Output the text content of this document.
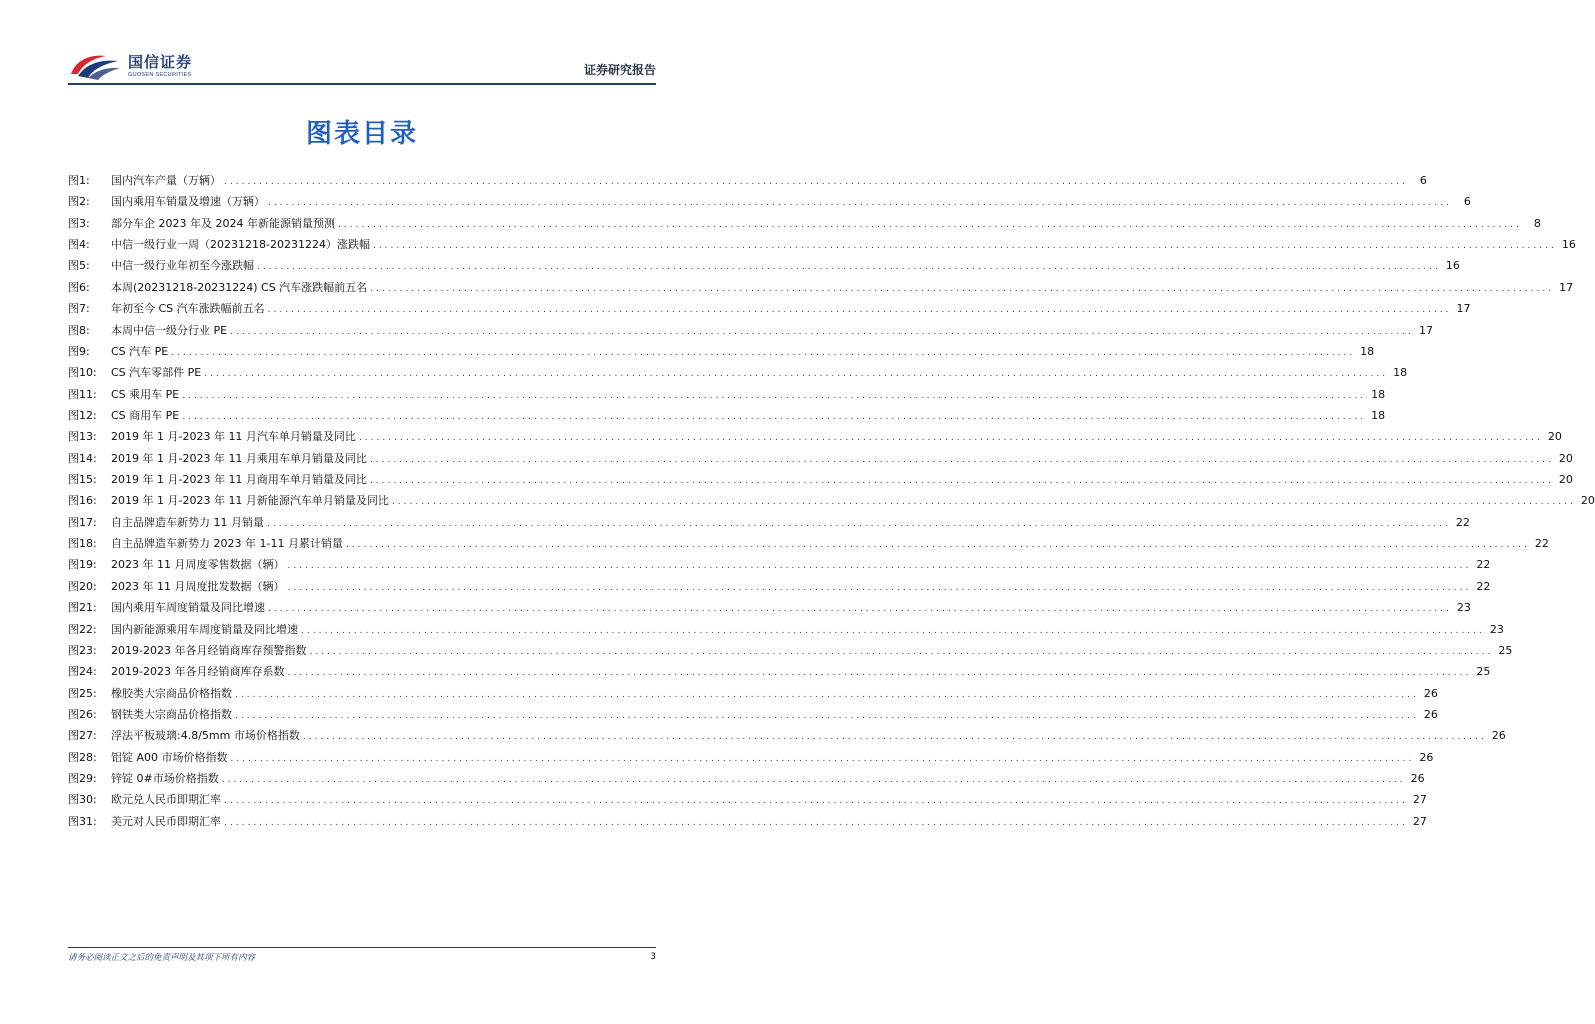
国信证券
GUOSEN SECURITIES	证券研究报告
图表目录
图1:	国内汽车产量（万辆） ..........................................................................................................................................................................................................	6
图2:	国内乘用车销量及增速（万辆） ..........................................................................................................................................................................................................	6
图3:	部分车企 2023 年及 2024 年新能源销量预测 ..........................................................................................................................................................................................................	8
图4:	中信一级行业一周（20231218-20231224）涨跌幅 .......................................................................................................................................................................................................... 16
图5:	中信一级行业年初至今涨跌幅 .......................................................................................................................................................................................................... 16
图6:	本周(20231218-20231224) CS 汽车涨跌幅前五名 .......................................................................................................................................................................................................... 17
图7:	年初至今 CS 汽车涨跌幅前五名 .......................................................................................................................................................................................................... 17
图8:	本周中信一级分行业 PE .......................................................................................................................................................................................................... 17
图9:	CS 汽车 PE .......................................................................................................................................................................................................... 18
图10:	CS 汽车零部件 PE .......................................................................................................................................................................................................... 18
图11:	CS 乘用车 PE .......................................................................................................................................................................................................... 18
图12:	CS 商用车 PE .......................................................................................................................................................................................................... 18
图13:	2019 年 1 月-2023 年 11 月汽车单月销量及同比 .......................................................................................................................................................................................................... 20
图14:	2019 年 1 月-2023 年 11 月乘用车单月销量及同比 .......................................................................................................................................................................................................... 20
图15:	2019 年 1 月-2023 年 11 月商用车单月销量及同比 .......................................................................................................................................................................................................... 20
图16:	2019 年 1 月-2023 年 11 月新能源汽车单月销量及同比 .......................................................................................................................................................................................................... 20
图17:	自主品牌造车新势力 11 月销量 .......................................................................................................................................................................................................... 22
图18:	自主品牌造车新势力 2023 年 1-11 月累计销量 .......................................................................................................................................................................................................... 22
图19:	2023 年 11 月周度零售数据（辆） .......................................................................................................................................................................................................... 22
图20:	2023 年 11 月周度批发数据（辆） .......................................................................................................................................................................................................... 22
图21:	国内乘用车周度销量及同比增速 .......................................................................................................................................................................................................... 23
图22:	国内新能源乘用车周度销量及同比增速 .......................................................................................................................................................................................................... 23
图23:	2019-2023 年各月经销商库存预警指数 .......................................................................................................................................................................................................... 25
图24:	2019-2023 年各月经销商库存系数 .......................................................................................................................................................................................................... 25
图25:	橡胶类大宗商品价格指数 .......................................................................................................................................................................................................... 26
图26:	钢铁类大宗商品价格指数 .......................................................................................................................................................................................................... 26
图27:	浮法平板玻璃:4.8/5mm 市场价格指数 .......................................................................................................................................................................................................... 26
图28:	铝锭 A00 市场价格指数 .......................................................................................................................................................................................................... 26
图29:	锌锭 0#市场价格指数 .......................................................................................................................................................................................................... 26
图30:	欧元兑人民币即期汇率 .......................................................................................................................................................................................................... 27
图31:	美元对人民币即期汇率 .......................................................................................................................................................................................................... 27
请务必阅读正文之后的免责声明及其项下所有内容	3
